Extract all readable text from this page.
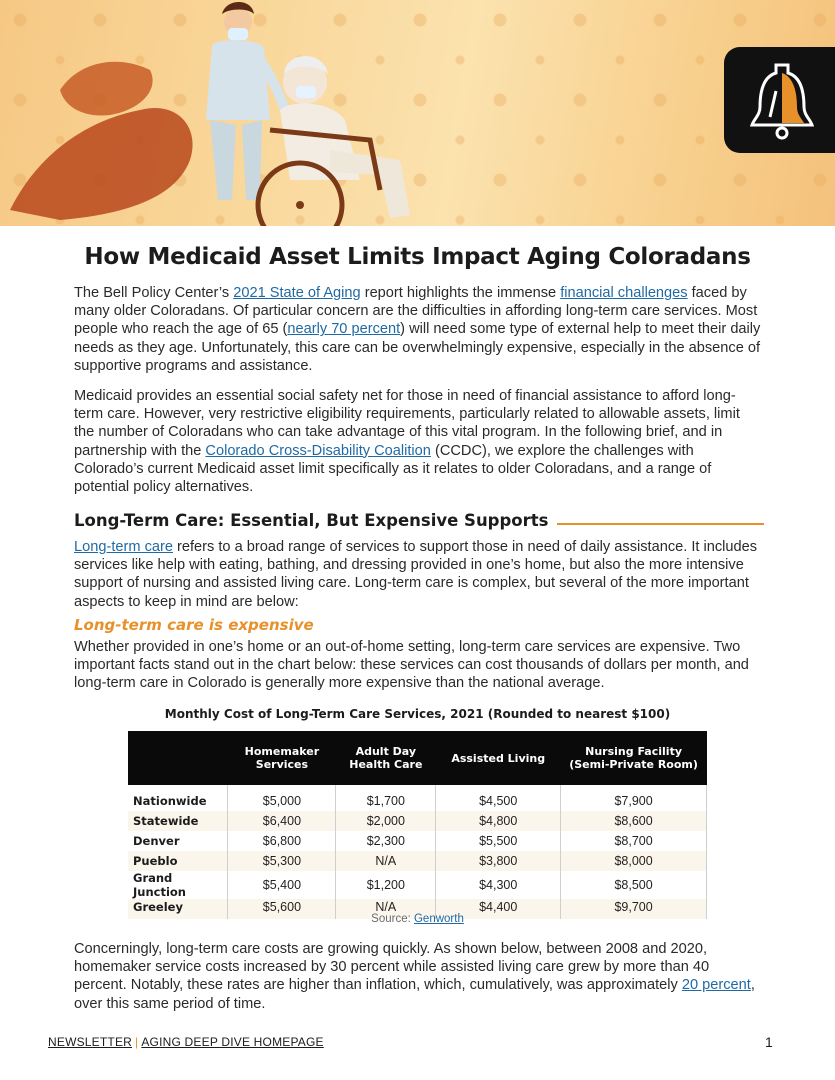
How Medicaid Asset Limits Impact Aging Coloradans

The Bell Policy Center’s 2021 State of Aging report highlights the immense financial challenges faced by many older Coloradans. Of particular concern are the difficulties in affording long-term care services. Most people who reach the age of 65 (nearly 70 percent) will need some type of external help to meet their daily needs as they age. Unfortunately, this care can be overwhelmingly expensive, especially in the absence of supportive programs and assistance.

Medicaid provides an essential social safety net for those in need of financial assistance to afford long-term care. However, very restrictive eligibility requirements, particularly related to allowable assets, limit the number of Coloradans who can take advantage of this vital program. In the following brief, and in partnership with the Colorado Cross-Disability Coalition (CCDC), we explore the challenges with Colorado’s current Medicaid asset limit specifically as it relates to older Coloradans, and a range of potential policy alternatives.

Long-Term Care: Essential, But Expensive Supports

Long-term care refers to a broad range of services to support those in need of daily assistance. It includes services like help with eating, bathing, and dressing provided in one’s home, but also the more intensive support of nursing and assisted living care. Long-term care is complex, but several of the more important aspects to keep in mind are below:

Long-term care is expensive

Whether provided in one’s home or an out-of-home setting, long-term care services are expensive. Two important facts stand out in the chart below: these services can cost thousands of dollars per month, and long-term care in Colorado is generally more expensive than the national average.

Monthly Cost of Long-Term Care Services, 2021 (Rounded to nearest $100)
	Homemaker Services	Adult Day Health Care	Assisted Living	Nursing Facility (Semi-Private Room)
Nationwide	$5,000	$1,700	$4,500	$7,900
Statewide	$6,400	$2,000	$4,800	$8,600
Denver	$6,800	$2,300	$5,500	$8,700
Pueblo	$5,300	N/A	$3,800	$8,000
Grand Junction	$5,400	$1,200	$4,300	$8,500
Greeley	$5,600	N/A	$4,400	$9,700
Source: Genworth

Concerningly, long-term care costs are growing quickly. As shown below, between 2008 and 2020, homemaker service costs increased by 30 percent while assisted living care grew by more than 40 percent. Notably, these rates are higher than inflation, which, cumulatively, was approximately 20 percent, over this same period of time.

NEWSLETTER | AGING DEEP DIVE HOMEPAGE	1
